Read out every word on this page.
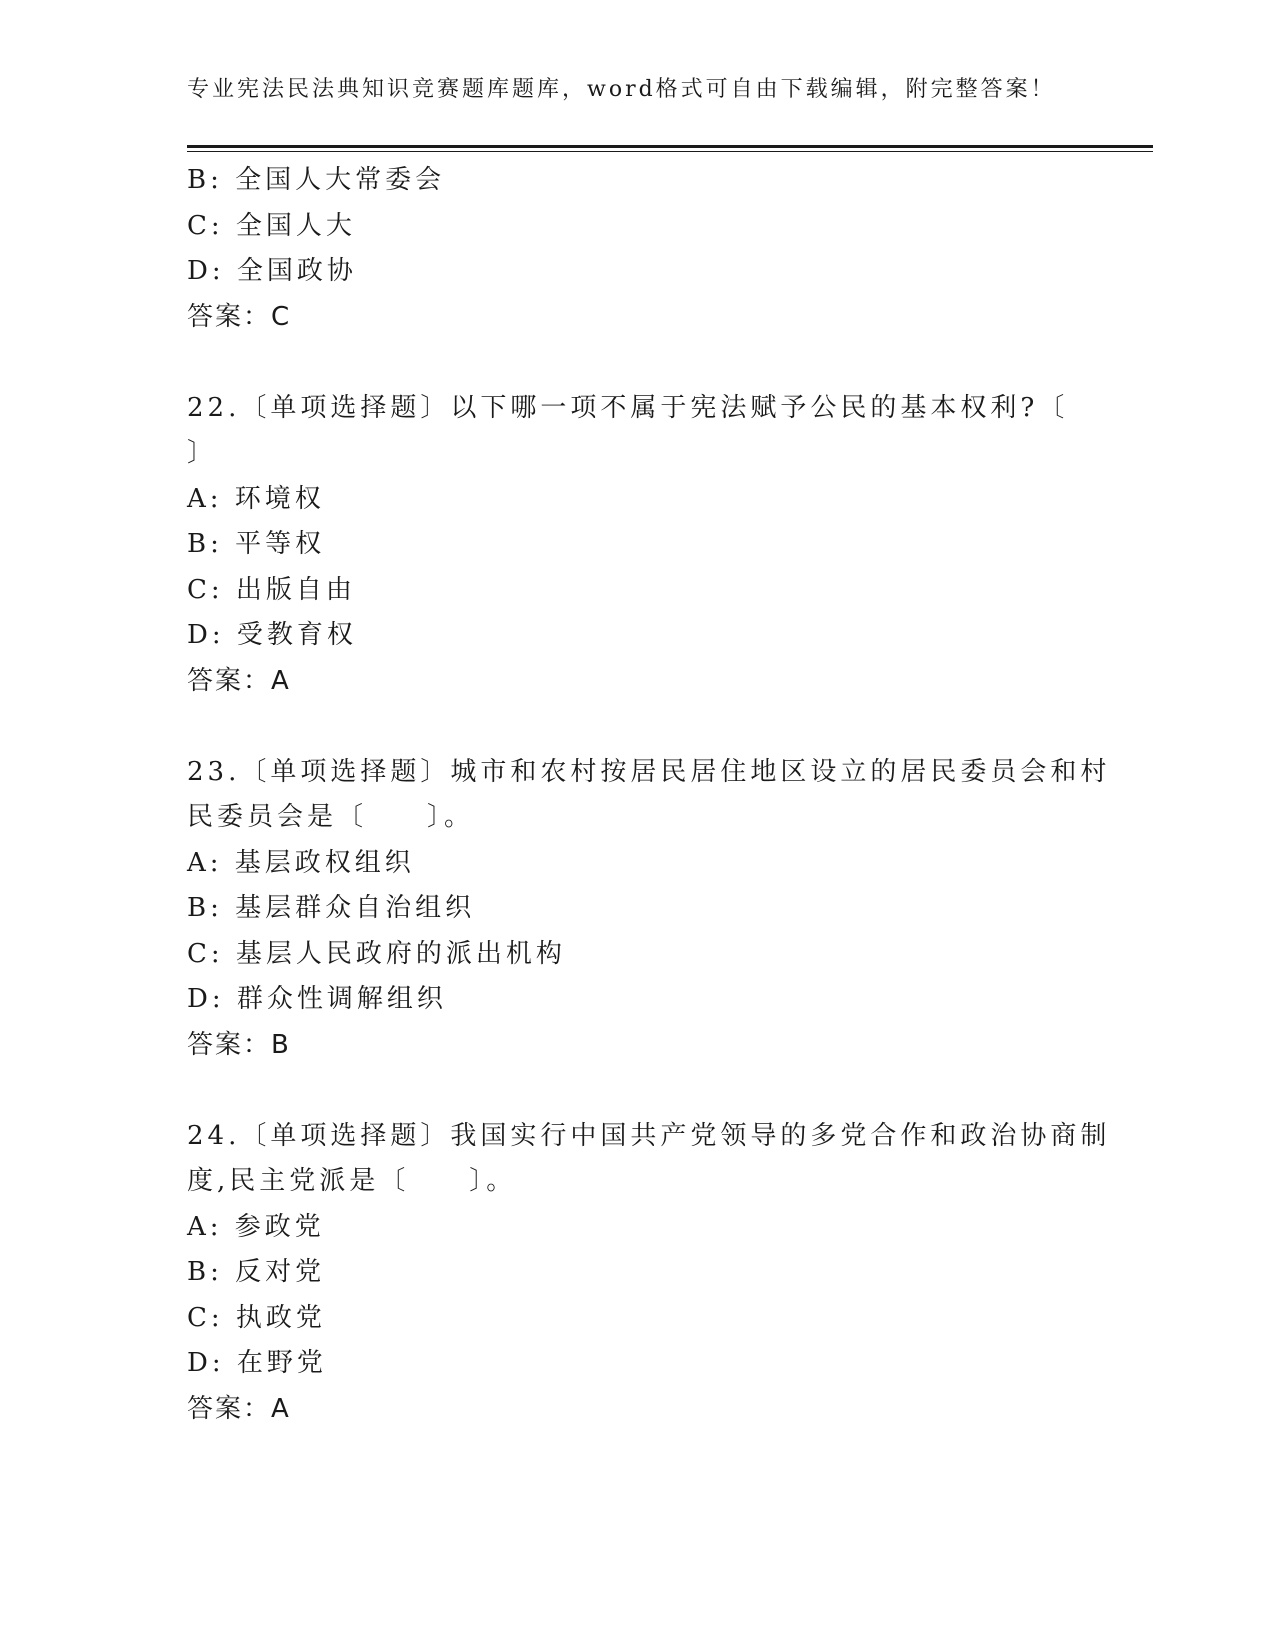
专业宪法民法典知识竞赛题库题库，word格式可自由下载编辑，附完整答案！
B: 全国人大常委会
C: 全国人大
D: 全国政协
答案：C
22.〔单项选择题〕以下哪一项不属于宪法赋予公民的基本权利?〔
〕
A: 环境权
B: 平等权
C: 出版自由
D: 受教育权
答案：A
23.〔单项选择题〕城市和农村按居民居住地区设立的居民委员会和村
民委员会是〔　　〕。
A: 基层政权组织
B: 基层群众自治组织
C: 基层人民政府的派出机构
D: 群众性调解组织
答案：B
24.〔单项选择题〕我国实行中国共产党领导的多党合作和政治协商制
度,民主党派是〔　　〕。
A: 参政党
B: 反对党
C: 执政党
D: 在野党
答案：A
